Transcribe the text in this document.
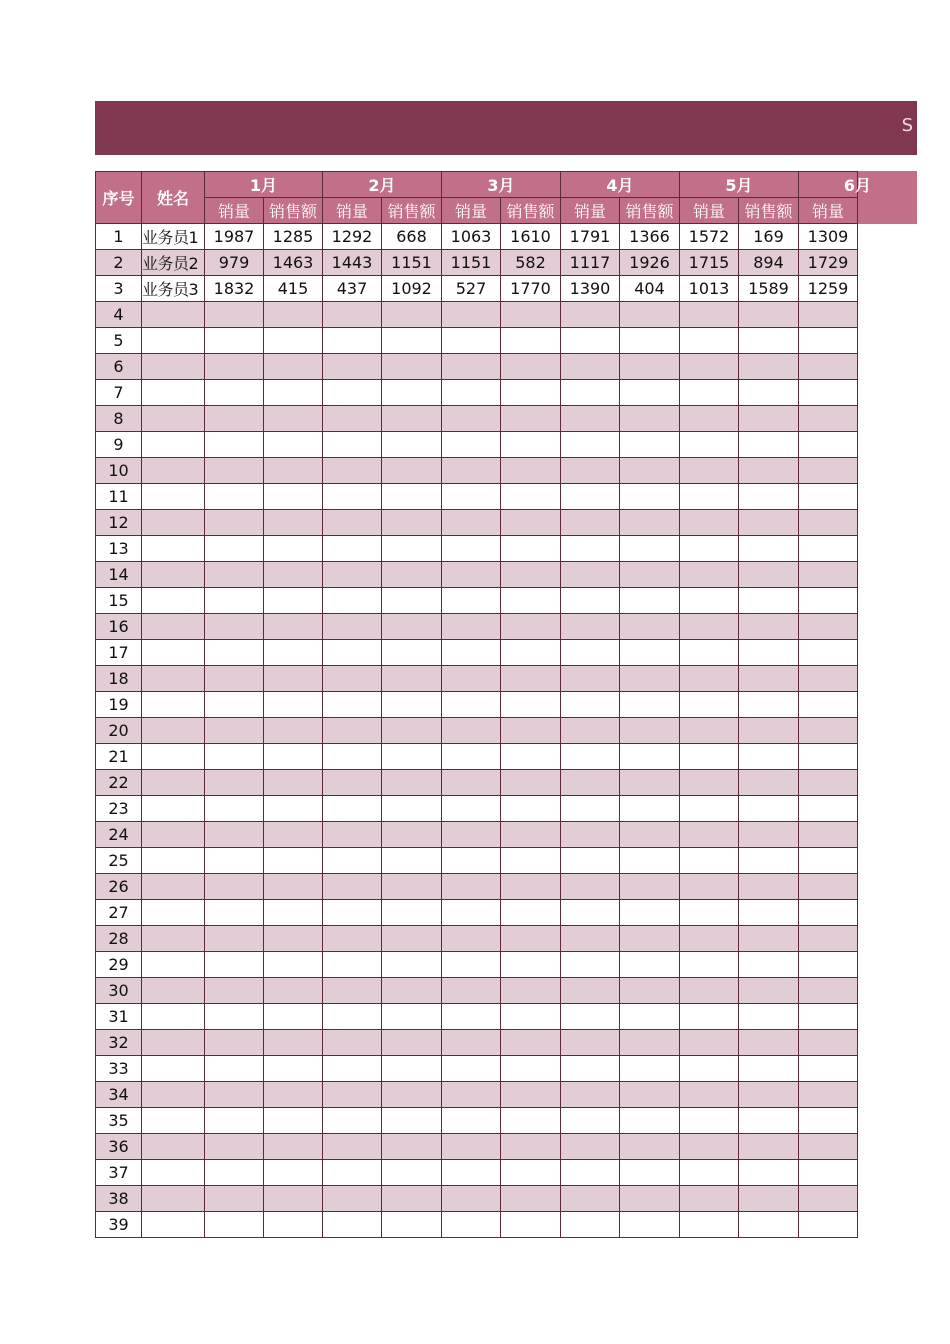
S
序号	姓名	1月		2月		3月		4月		5月		6月
		销量	销售额	销量	销售额	销量	销售额	销量	销售额	销量	销售额	销量
1	业务员1	1987	1285	1292	668	1063	1610	1791	1366	1572	169	1309
2	业务员2	979	1463	1443	1151	1151	582	1117	1926	1715	894	1729
3	业务员3	1832	415	437	1092	527	1770	1390	404	1013	1589	1259
4												
5												
6												
7												
8												
9												
10												
11												
12												
13												
14												
15												
16												
17												
18												
19												
20												
21												
22												
23												
24												
25												
26												
27												
28												
29												
30												
31												
32												
33												
34												
35												
36												
37												
38												
39												
